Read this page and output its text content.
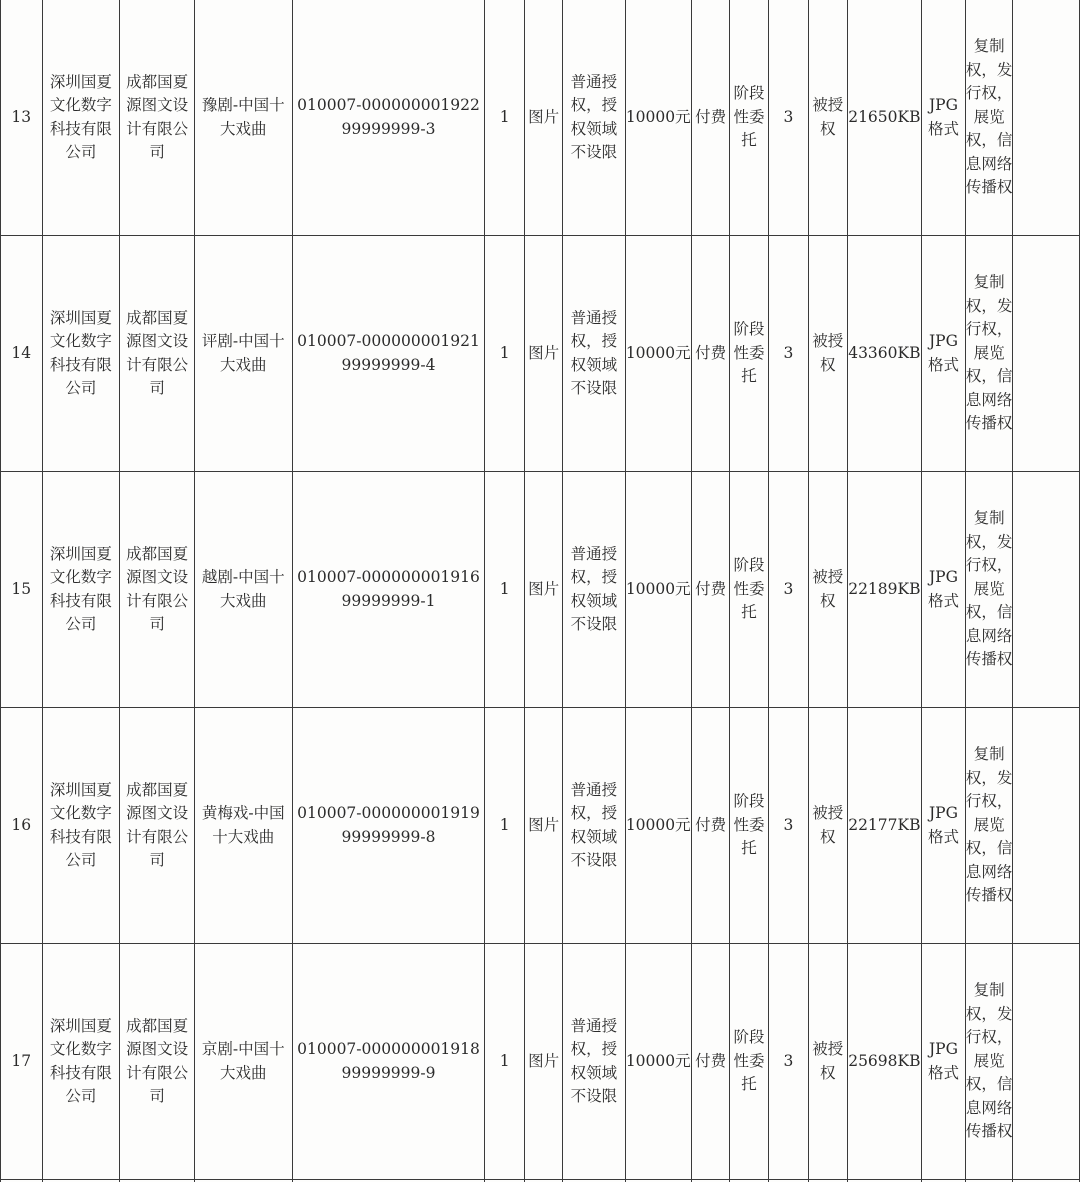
13	深圳国夏文化数字科技有限公司	成都国夏源图文设计有限公司	豫剧-中国十大戏曲	010007-00000000192299999999-3	1	图片	普通授权，授权领域不设限	10000元	付费	阶段性委托	3	被授权	21650KB	JPG格式	复制权，发行权，展览权，信息网络传播权	
14	深圳国夏文化数字科技有限公司	成都国夏源图文设计有限公司	评剧-中国十大戏曲	010007-00000000192199999999-4	1	图片	普通授权，授权领域不设限	10000元	付费	阶段性委托	3	被授权	43360KB	JPG格式	复制权，发行权，展览权，信息网络传播权	
15	深圳国夏文化数字科技有限公司	成都国夏源图文设计有限公司	越剧-中国十大戏曲	010007-00000000191699999999-1	1	图片	普通授权，授权领域不设限	10000元	付费	阶段性委托	3	被授权	22189KB	JPG格式	复制权，发行权，展览权，信息网络传播权	
16	深圳国夏文化数字科技有限公司	成都国夏源图文设计有限公司	黄梅戏-中国十大戏曲	010007-00000000191999999999-8	1	图片	普通授权，授权领域不设限	10000元	付费	阶段性委托	3	被授权	22177KB	JPG格式	复制权，发行权，展览权，信息网络传播权	
17	深圳国夏文化数字科技有限公司	成都国夏源图文设计有限公司	京剧-中国十大戏曲	010007-00000000191899999999-9	1	图片	普通授权，授权领域不设限	10000元	付费	阶段性委托	3	被授权	25698KB	JPG格式	复制权，发行权，展览权，信息网络传播权	
